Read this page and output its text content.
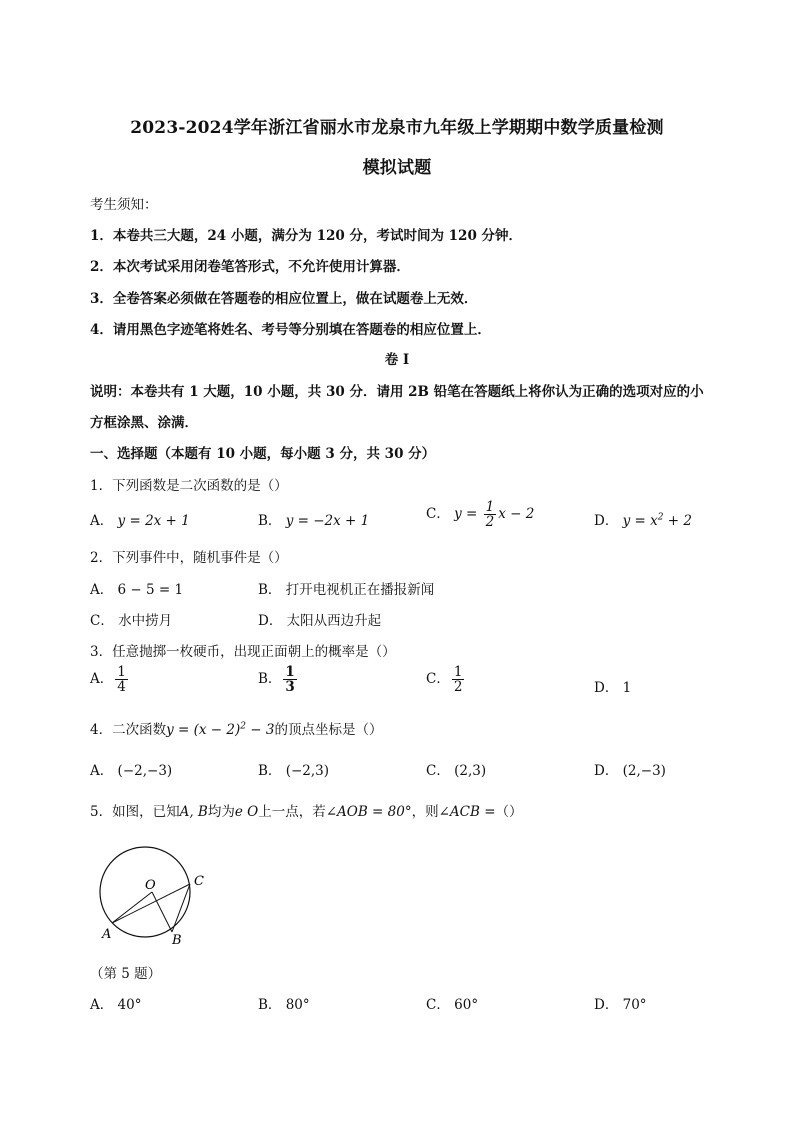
2023-2024学年浙江省丽水市龙泉市九年级上学期期中数学质量检测
模拟试题
考生须知：
1．本卷共三大题，24 小题，满分为 120 分，考试时间为 120 分钟．
2．本次考试采用闭卷笔答形式，不允许使用计算器．
3．全卷答案必须做在答题卷的相应位置上，做在试题卷上无效．
4．请用黑色字迹笔将姓名、考号等分别填在答题卷的相应位置上．
卷 I
说明：本卷共有 1 大题，10 小题，共 30 分．请用 2B 铅笔在答题纸上将你认为正确的选项对应的小
方框涂黑、涂满．
一、选择题（本题有 10 小题，每小题 3 分，共 30 分）
1．下列函数是二次函数的是（）
A． y = 2x + 1	B． y = −2x + 1	C． $y = \frac{1}{2}$ x − 2	D． $y = x^2 + 2$
2．下列事件中，随机事件是（）
A． 6 − 5 = 1	B． 打开电视机正在播报新闻
C． 水中捞月	D． 太阳从西边升起
3．任意抛掷一枚硬币，出现正面朝上的概率是（）
A． $\frac{1}{4}$	B． $\frac{1}{3}$	C． $\frac{1}{2}$	D． 1
4．二次函数$y = (x - 2)^2 - 3$的顶点坐标是（）
A． (−2,−3)	B． (−2,3)	C． (2,3)	D． (2,−3)
5．如图，已知A, B均为e O上一点，若∠AOB = 80°，则∠ACB =（）
O
A	B
C
（第 5 题）
A． 40°	B． 80°	C． 60°	D． 70°
